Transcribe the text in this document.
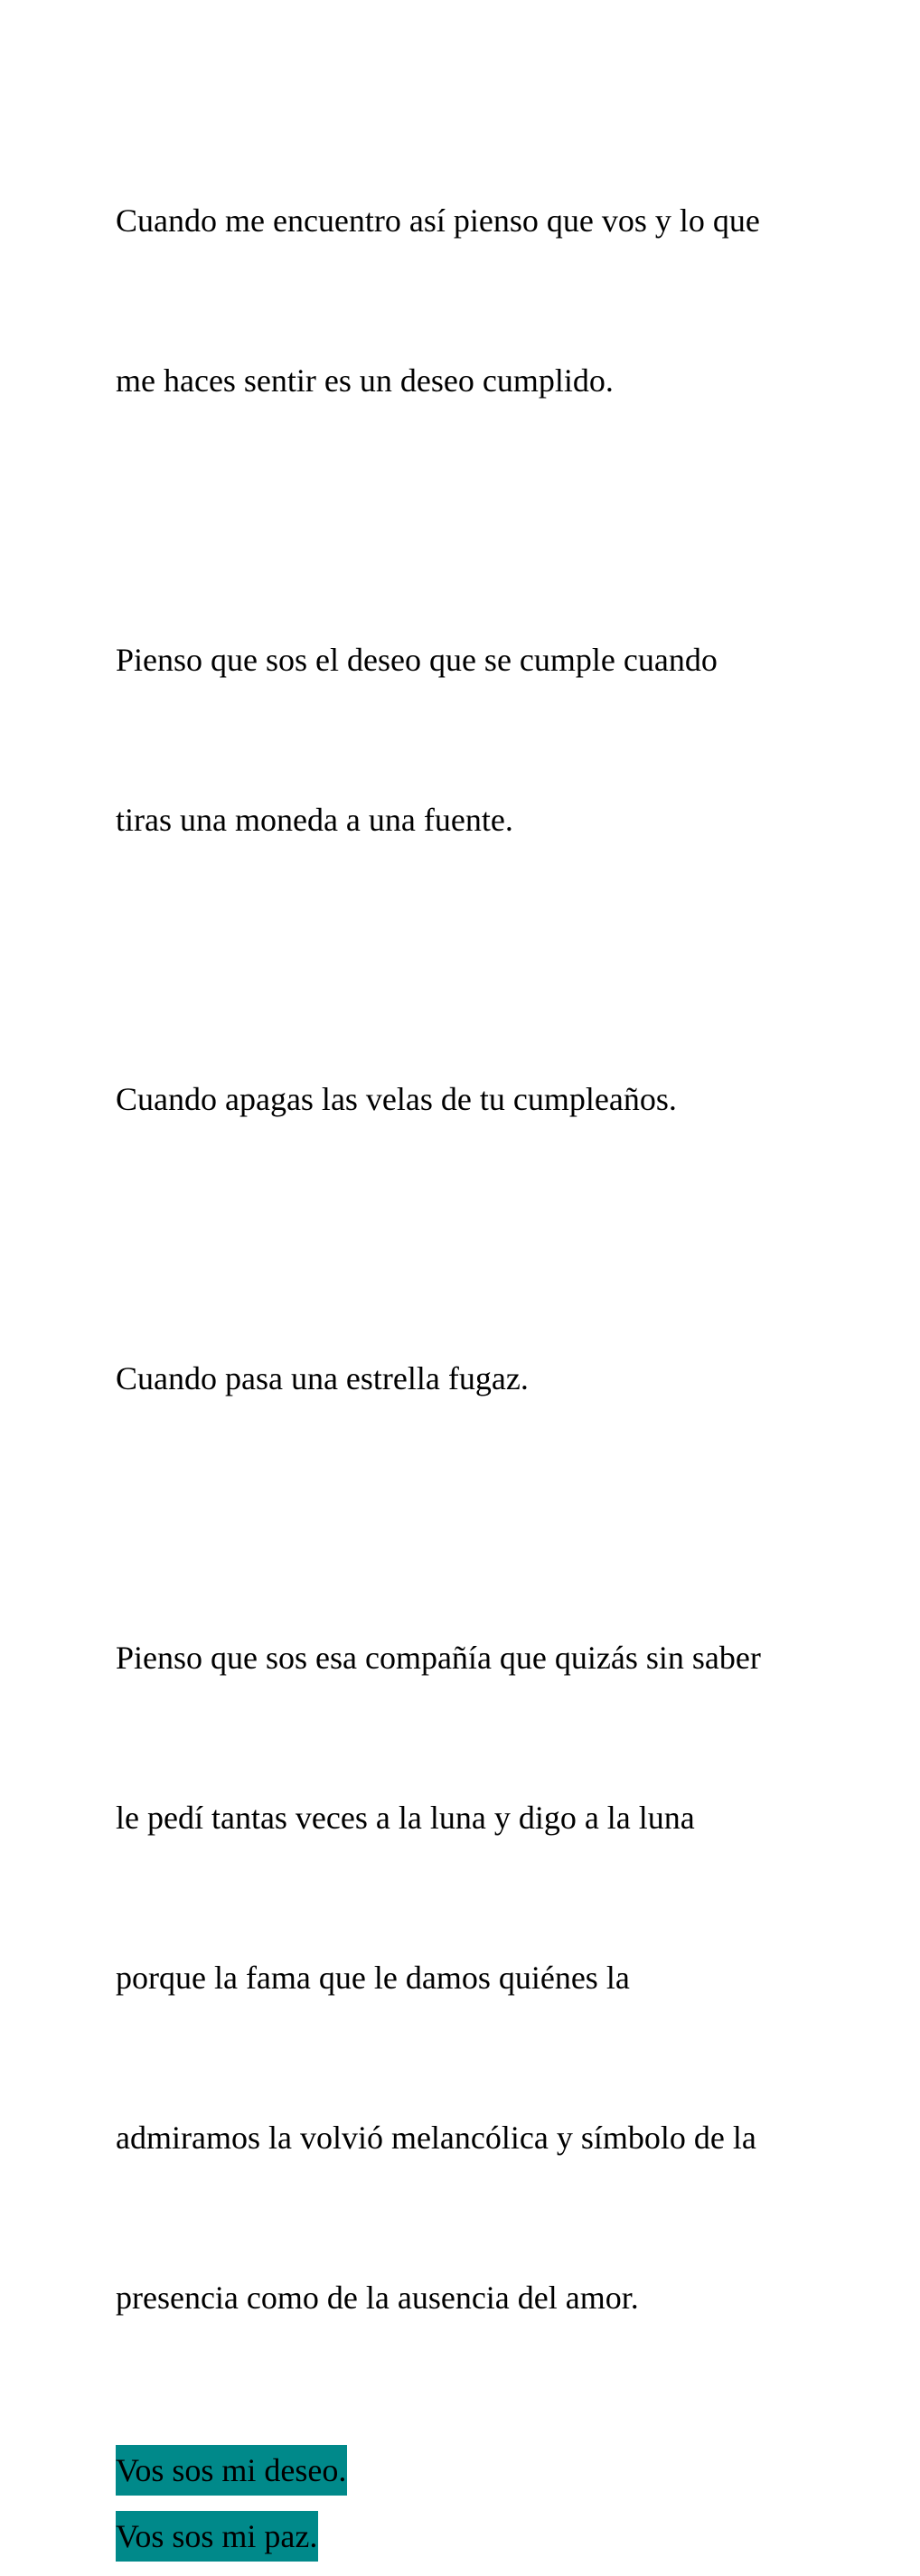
Cuando me encuentro así pienso que vos y lo que

me haces sentir es un deseo cumplido.

Pienso que sos el deseo que se cumple cuando

tiras una moneda a una fuente.

Cuando apagas las velas de tu cumpleaños.

Cuando pasa una estrella fugaz.

Pienso que sos esa compañía que quizás sin saber

le pedí tantas veces a la luna y digo a la luna

porque la fama que le damos quiénes la

admiramos la volvió melancólica y símbolo de la

presencia como de la ausencia del amor.

Vos sos mi deseo.

Vos sos mi paz.
